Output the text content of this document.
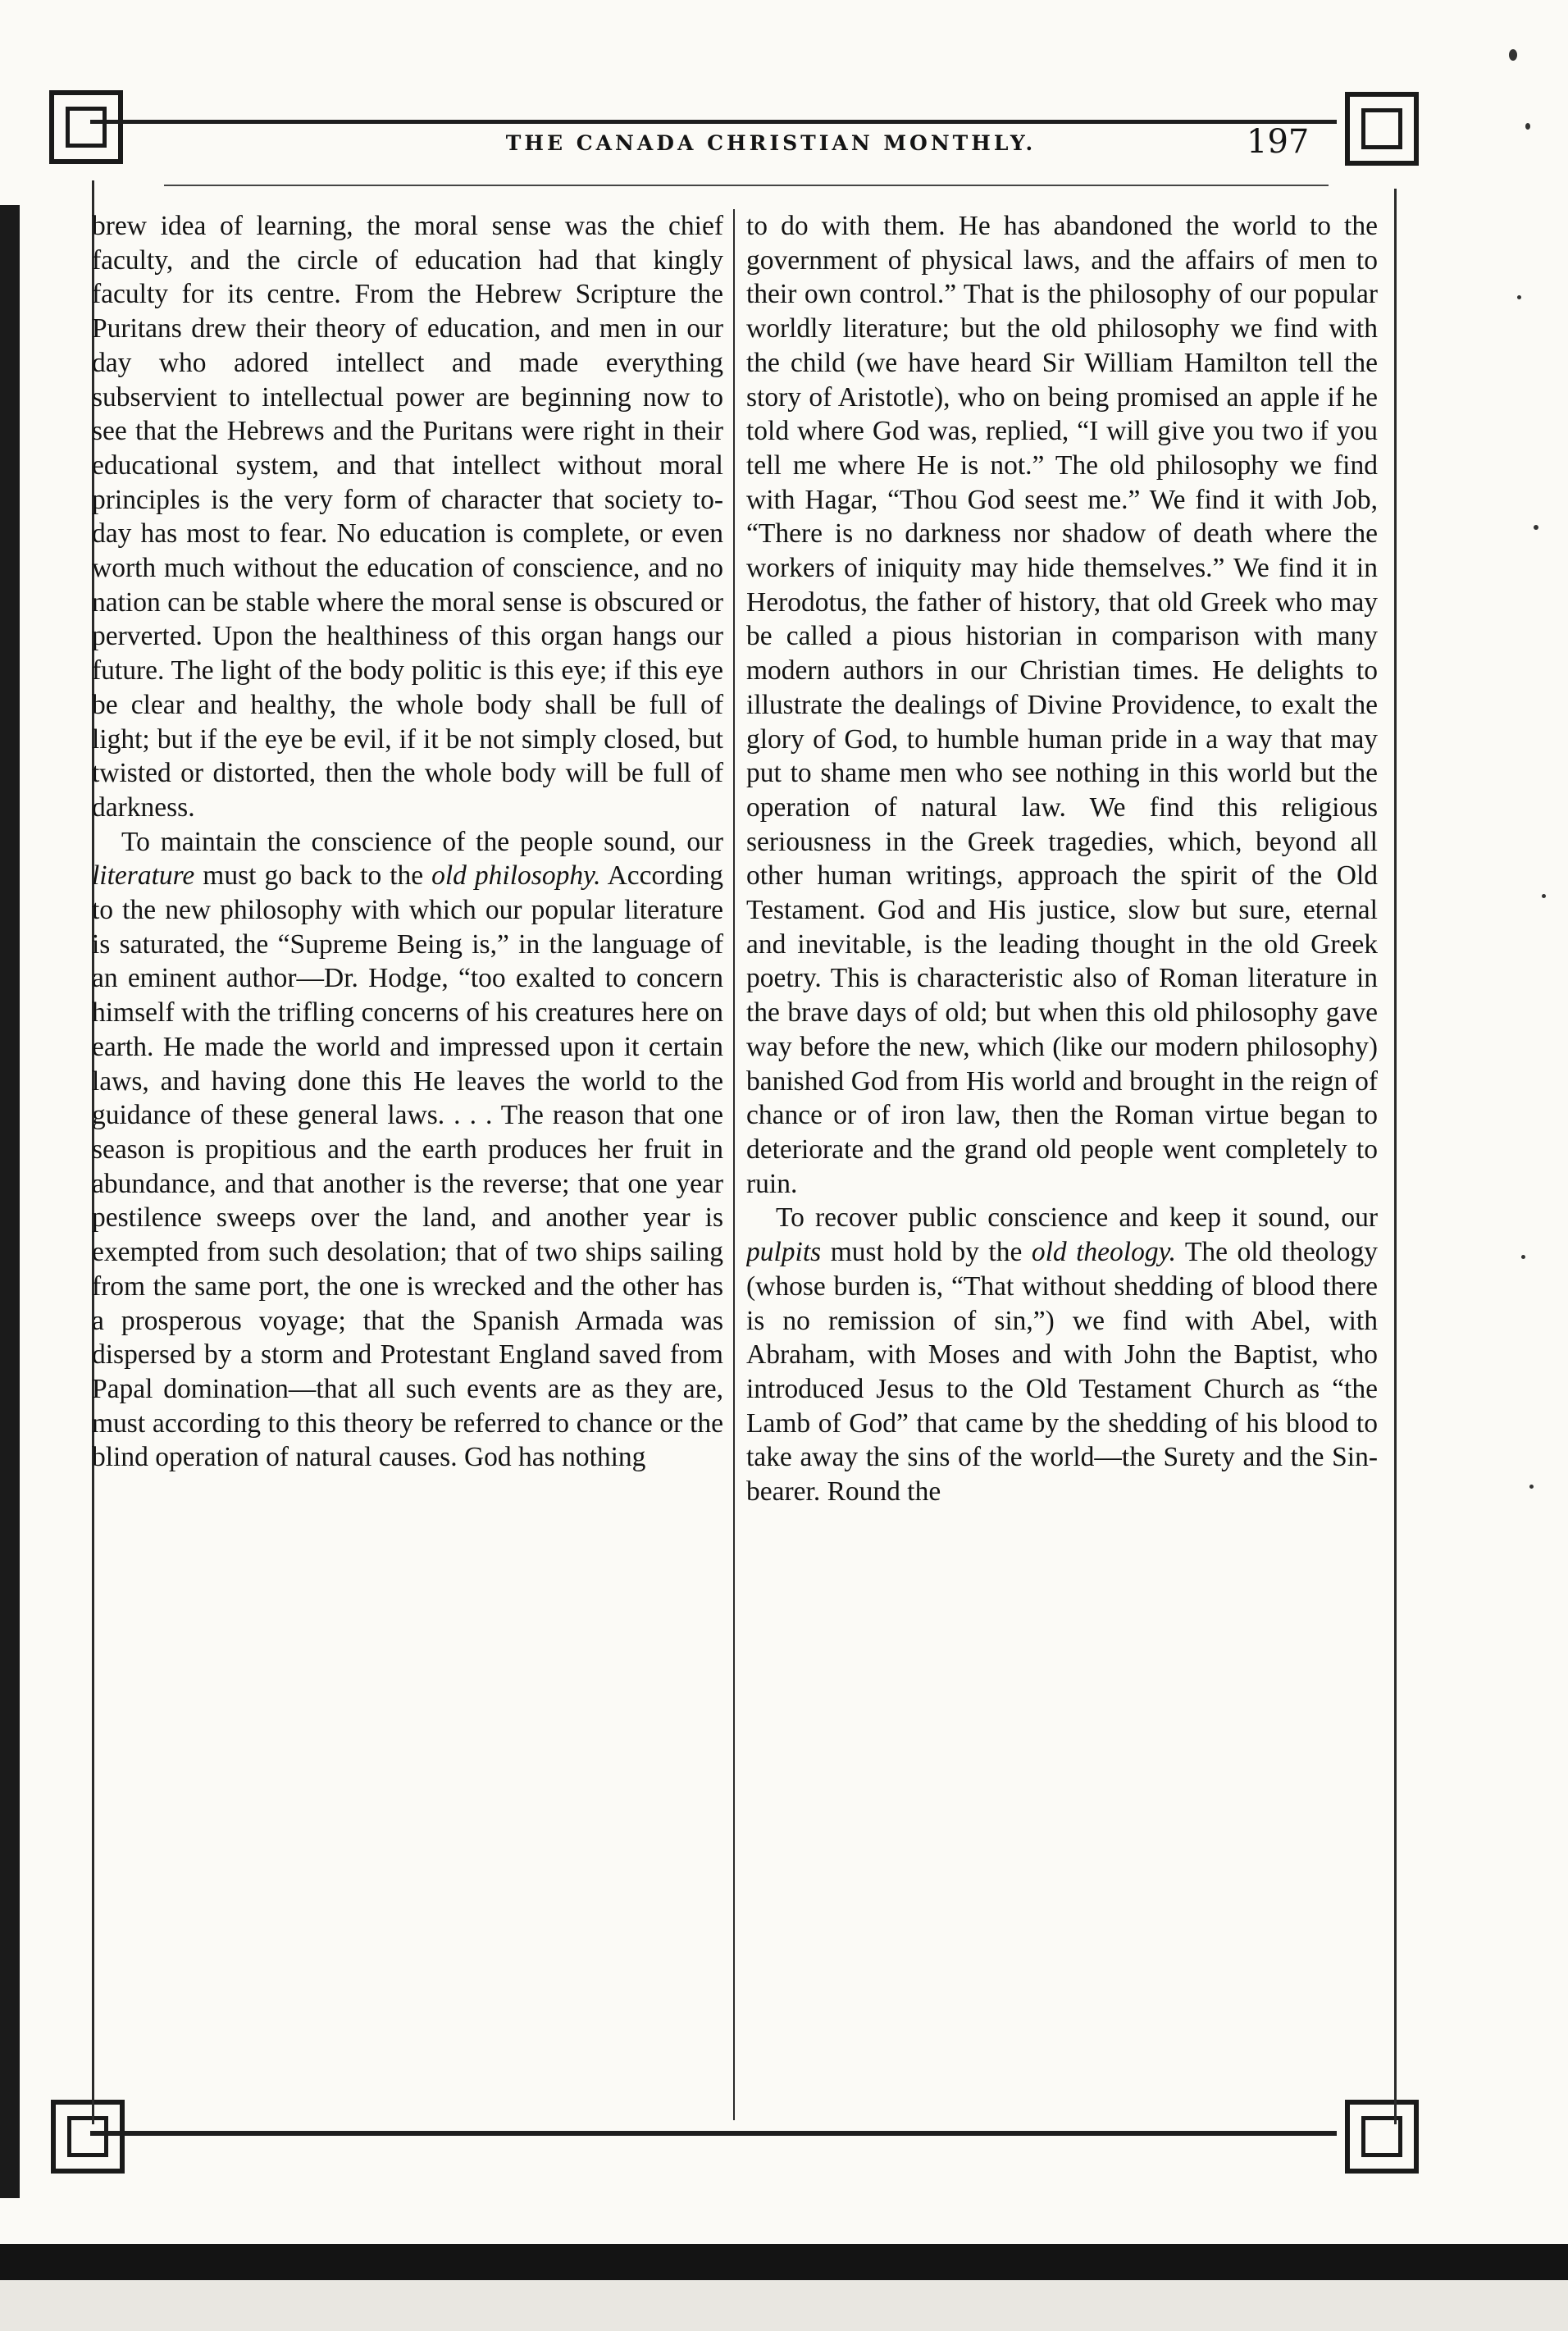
THE CANADA CHRISTIAN MONTHLY.	197

brew idea of learning, the moral sense was the chief faculty, and the circle of education had that kingly faculty for its centre. From the Hebrew Scripture the Puritans drew their theory of education, and men in our day who adored intellect and made everything subservient to intellectual power are beginning now to see that the Hebrews and the Puritans were right in their educational system, and that intellect without moral principles is the very form of character that society to-day has most to fear. No education is complete, or even worth much without the education of conscience, and no nation can be stable where the moral sense is obscured or perverted. Upon the healthiness of this organ hangs our future. The light of the body politic is this eye; if this eye be clear and healthy, the whole body shall be full of light; but if the eye be evil, if it be not simply closed, but twisted or distorted, then the whole body will be full of darkness.

To maintain the conscience of the people sound, our literature must go back to the old philosophy. According to the new philosophy with which our popular literature is saturated, the “Supreme Being is,” in the language of an eminent author—Dr. Hodge, “too exalted to concern himself with the trifling concerns of his creatures here on earth. He made the world and impressed upon it certain laws, and having done this He leaves the world to the guidance of these general laws. . . . The reason that one season is propitious and the earth produces her fruit in abundance, and that another is the reverse; that one year pestilence sweeps over the land, and another year is exempted from such desolation; that of two ships sailing from the same port, the one is wrecked and the other has a prosperous voyage; that the Spanish Armada was dispersed by a storm and Protestant England saved from Papal domination—that all such events are as they are, must according to this theory be referred to chance or the blind operation of natural causes. God has nothing

to do with them. He has abandoned the world to the government of physical laws, and the affairs of men to their own control.” That is the philosophy of our popular worldly literature; but the old philosophy we find with the child (we have heard Sir William Hamilton tell the story of Aristotle), who on being promised an apple if he told where God was, replied, “I will give you two if you tell me where He is not.” The old philosophy we find with Hagar, “Thou God seest me.” We find it with Job, “There is no darkness nor shadow of death where the workers of iniquity may hide themselves.” We find it in Herodotus, the father of history, that old Greek who may be called a pious historian in comparison with many modern authors in our Christian times. He delights to illustrate the dealings of Divine Providence, to exalt the glory of God, to humble human pride in a way that may put to shame men who see nothing in this world but the operation of natural law. We find this religious seriousness in the Greek tragedies, which, beyond all other human writings, approach the spirit of the Old Testament. God and His justice, slow but sure, eternal and inevitable, is the leading thought in the old Greek poetry. This is characteristic also of Roman literature in the brave days of old; but when this old philosophy gave way before the new, which (like our modern philosophy) banished God from His world and brought in the reign of chance or of iron law, then the Roman virtue began to deteriorate and the grand old people went completely to ruin.

To recover public conscience and keep it sound, our pulpits must hold by the old theology. The old theology (whose burden is, “That without shedding of blood there is no remission of sin,”) we find with Abel, with Abraham, with Moses and with John the Baptist, who introduced Jesus to the Old Testament Church as “the Lamb of God” that came by the shedding of his blood to take away the sins of the world—the Surety and the Sin-bearer. Round the
